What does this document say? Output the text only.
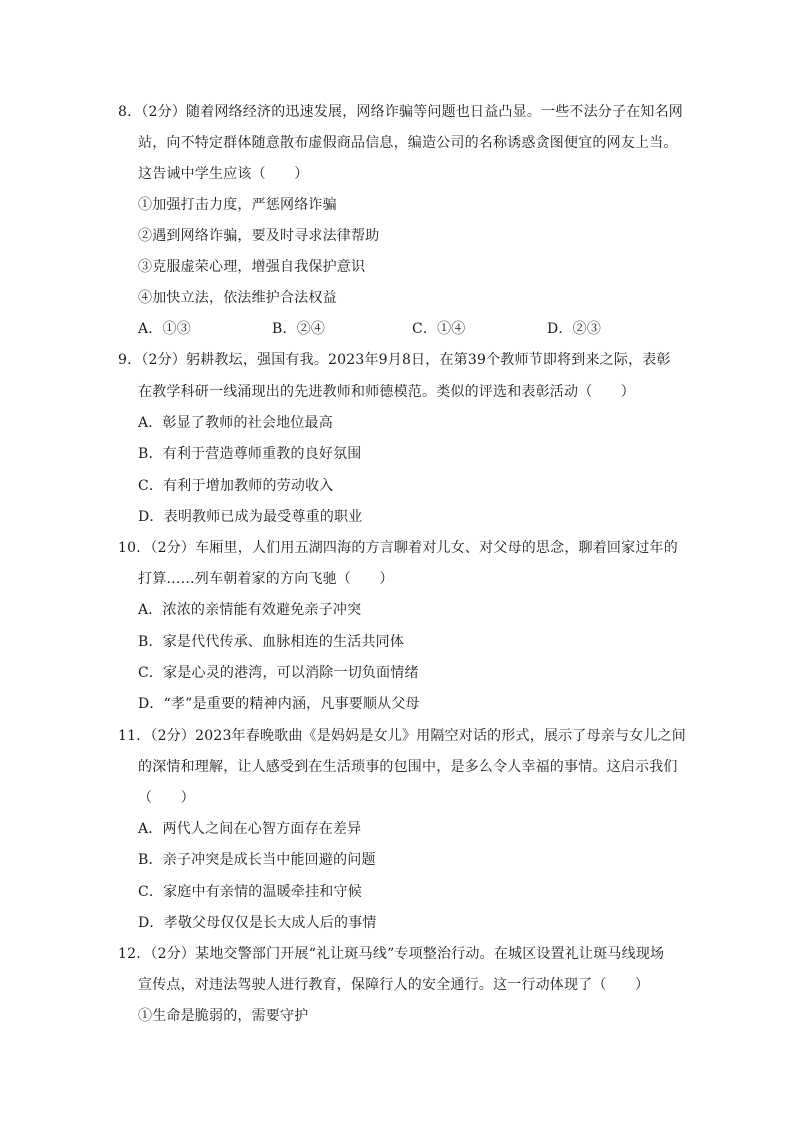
8．（2分）随着网络经济的迅速发展，网络诈骗等问题也日益凸显。一些不法分子在知名网
站，向不特定群体随意散布虚假商品信息，编造公司的名称诱惑贪图便宜的网友上当。
这告诫中学生应该（　　）
①加强打击力度，严惩网络诈骗
②遇到网络诈骗，要及时寻求法律帮助
③克服虚荣心理，增强自我保护意识
④加快立法，依法维护合法权益
A．①③	B．②④	C．①④	D．②③
9．（2分）躬耕教坛，强国有我。2023年9月8日，在第39个教师节即将到来之际，表彰
在教学科研一线涌现出的先进教师和师德模范。类似的评选和表彰活动（　　）
A．彰显了教师的社会地位最高
B．有利于营造尊师重教的良好氛围
C．有利于增加教师的劳动收入
D．表明教师已成为最受尊重的职业
10．（2分）车厢里，人们用五湖四海的方言聊着对儿女、对父母的思念，聊着回家过年的
打算……列车朝着家的方向飞驰（　　）
A．浓浓的亲情能有效避免亲子冲突
B．家是代代传承、血脉相连的生活共同体
C．家是心灵的港湾，可以消除一切负面情绪
D．“孝”是重要的精神内涵，凡事要顺从父母
11．（2分）2023年春晚歌曲《是妈妈是女儿》用隔空对话的形式，展示了母亲与女儿之间
的深情和理解，让人感受到在生活琐事的包围中，是多么令人幸福的事情。这启示我们
（　　）
A．两代人之间在心智方面存在差异
B．亲子冲突是成长当中能回避的问题
C．家庭中有亲情的温暖牵挂和守候
D．孝敬父母仅仅是长大成人后的事情
12．（2分）某地交警部门开展“礼让斑马线”专项整治行动。在城区设置礼让斑马线现场
宣传点，对违法驾驶人进行教育，保障行人的安全通行。这一行动体现了（　　）
①生命是脆弱的，需要守护
